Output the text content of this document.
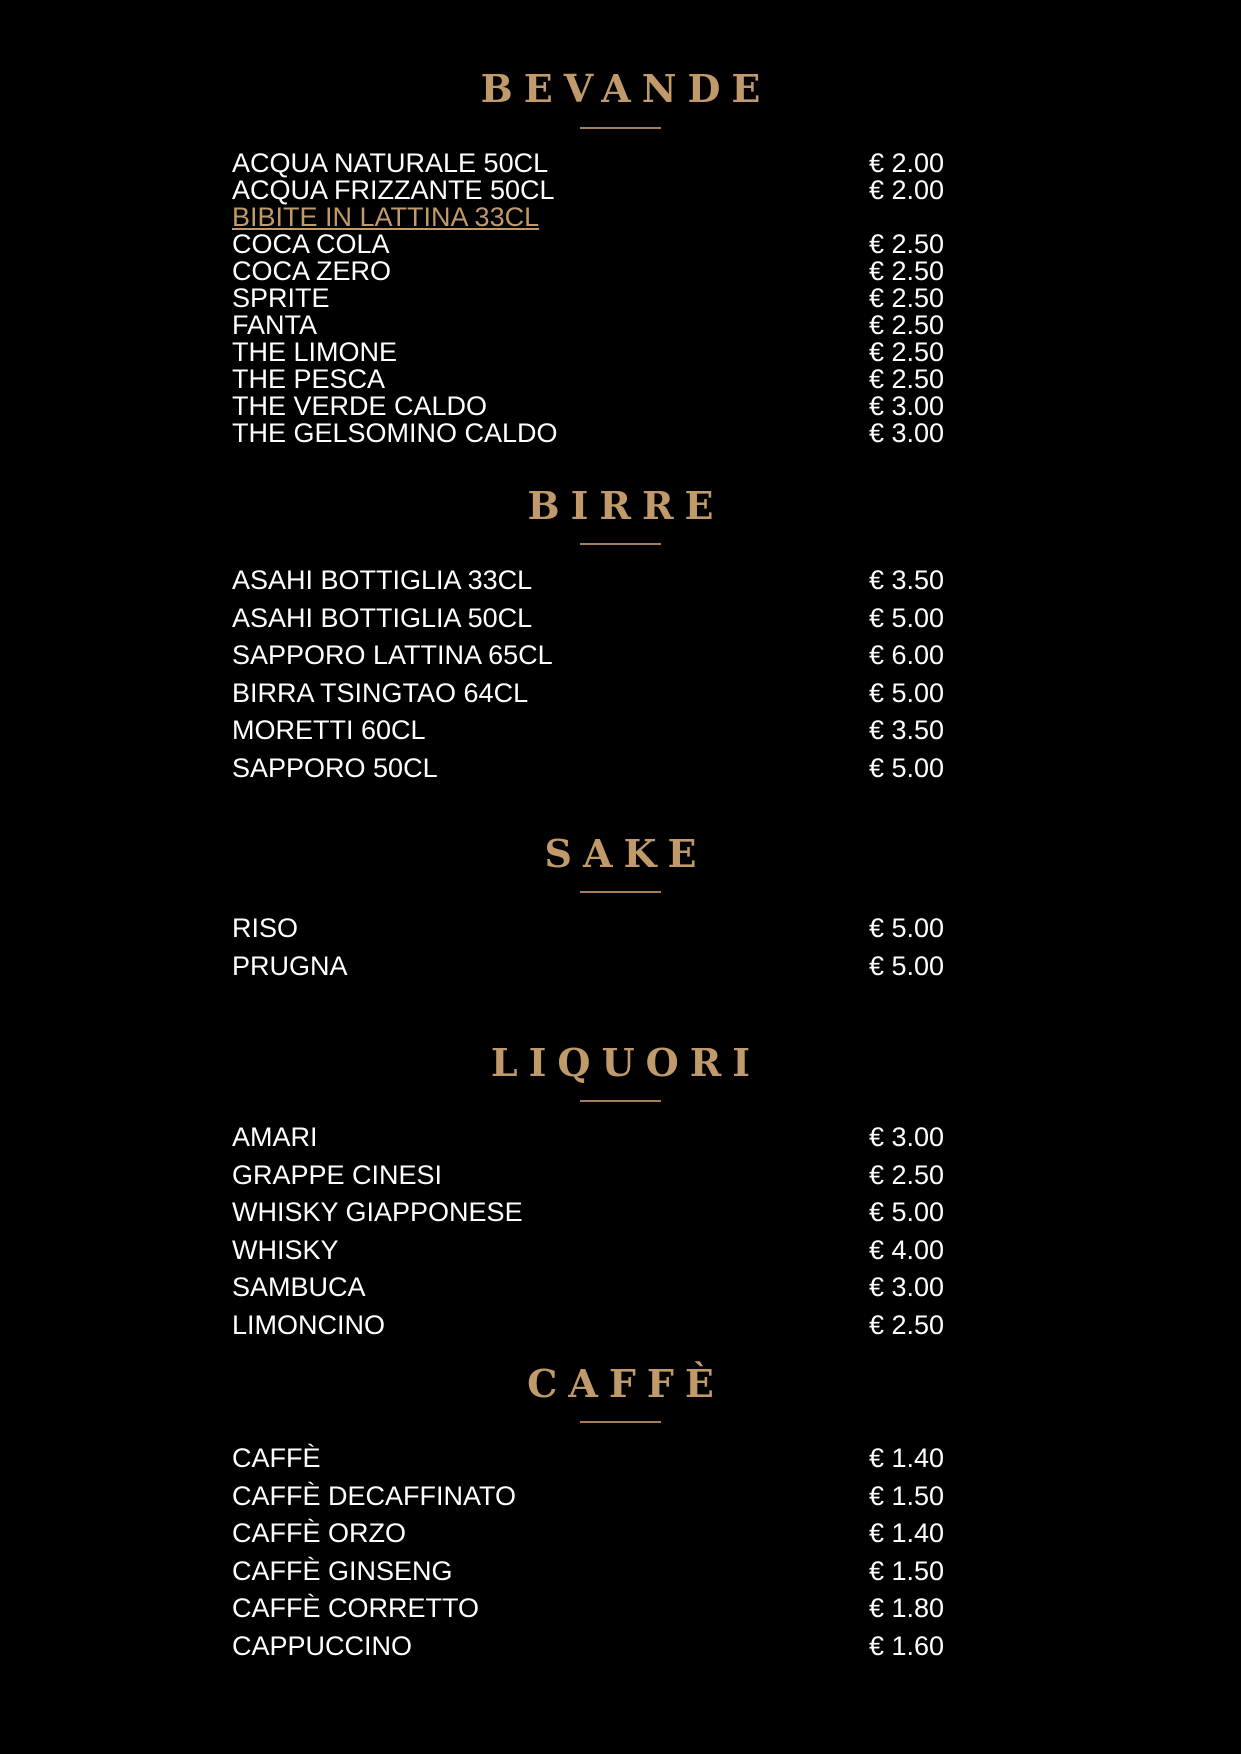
BEVANDE
ACQUA NATURALE 50CL	€ 2.00
ACQUA FRIZZANTE 50CL	€ 2.00
BIBITE IN LATTINA 33CL
COCA COLA	€ 2.50
COCA ZERO	€ 2.50
SPRITE	€ 2.50
FANTA	€ 2.50
THE LIMONE	€ 2.50
THE PESCA	€ 2.50
THE VERDE CALDO	€ 3.00
THE GELSOMINO CALDO	€ 3.00
BIRRE
ASAHI BOTTIGLIA 33CL	€ 3.50
ASAHI BOTTIGLIA 50CL	€ 5.00
SAPPORO LATTINA 65CL	€ 6.00
BIRRA TSINGTAO 64CL	€ 5.00
MORETTI 60CL	€ 3.50
SAPPORO 50CL	€ 5.00
SAKE
RISO	€ 5.00
PRUGNA	€ 5.00
LIQUORI
AMARI	€ 3.00
GRAPPE CINESI	€ 2.50
WHISKY GIAPPONESE	€ 5.00
WHISKY	€ 4.00
SAMBUCA	€ 3.00
LIMONCINO	€ 2.50
CAFFÈ
CAFFÈ	€ 1.40
CAFFÈ DECAFFINATO	€ 1.50
CAFFÈ ORZO	€ 1.40
CAFFÈ GINSENG	€ 1.50
CAFFÈ CORRETTO	€ 1.80
CAPPUCCINO	€ 1.60
